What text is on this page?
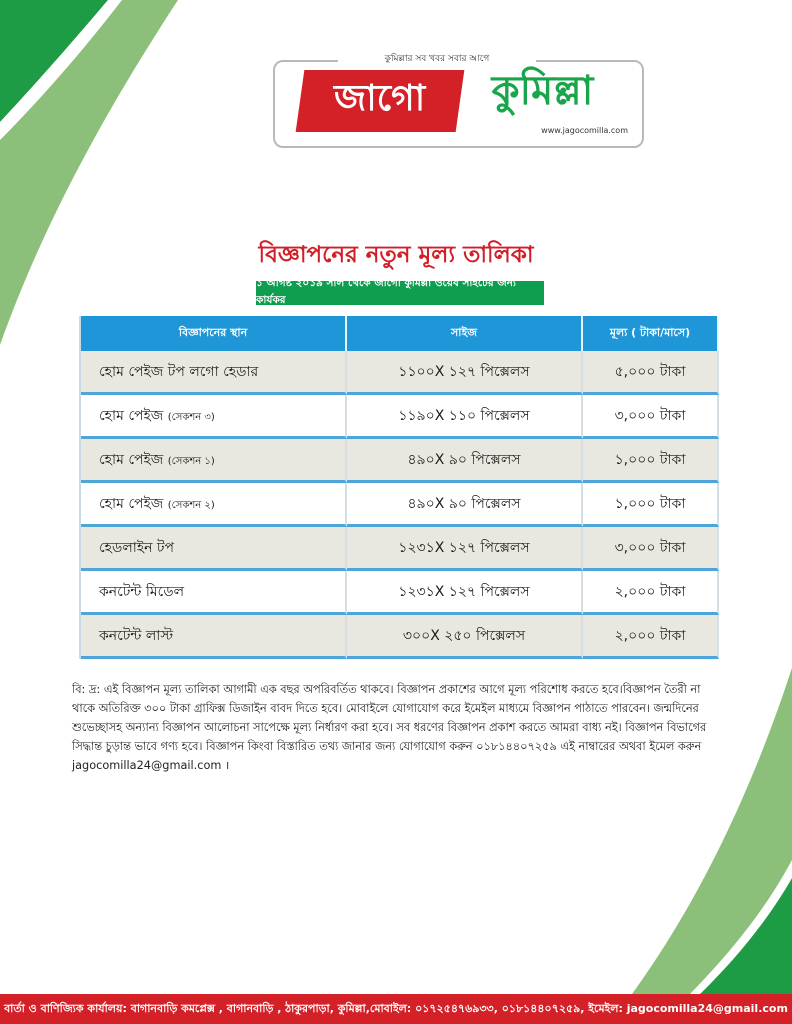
কুমিল্লার সব খবর সবার আগে
জাগো	কুমিল্লা
www.jagocomilla.com
বিজ্ঞাপনের নতুন মূল্য তালিকা
১ আগষ্ট ২০১৯ সাল থেকে জাগো কুমিল্লা ওয়েব সাইটের জন্য কার্যকর
বিজ্ঞাপনের স্থান	সাইজ	মূল্য ( টাকা/মাসে)
হোম পেইজ টপ লগো হেডার	১১০০X ১২৭ পিক্সেলস	৫,০০০ টাকা
হোম পেইজ (সেকশন ৩)	১১৯০X ১১০ পিক্সেলস	৩,০০০ টাকা
হোম পেইজ (সেকশন ১)	৪৯০X ৯০ পিক্সেলস	১,০০০ টাকা
হোম পেইজ (সেকশন ২)	৪৯০X ৯০ পিক্সেলস	১,০০০ টাকা
হেডলাইন টপ	১২৩১X ১২৭ পিক্সেলস	৩,০০০ টাকা
কনটেন্ট মিডেল	১২৩১X ১২৭ পিক্সেলস	২,০০০ টাকা
কনটেন্ট লাস্ট	৩০০X ২৫০ পিক্সেলস	২,০০০ টাকা
বি: দ্র: এই বিজ্ঞাপন মূল্য তালিকা আগামী এক বছর অপরিবর্তিত থাকবে। বিজ্ঞাপন প্রকাশের আগে মূল্য পরিশোধ করতে হবে।বিজ্ঞাপন তৈরী না থাকে অতিরিক্ত ৩০০ টাকা গ্রাফিক্স ডিজাইন বাবদ দিতে হবে। মোবাইলে যোগাযোগ করে ইমেইল মাধ্যমে বিজ্ঞাপন পাঠাতে পারবেন। জন্মদিনের শুভেচ্ছাসহ অন্যান্য বিজ্ঞাপন আলোচনা সাপেক্ষে মূল্য নির্ধারণ করা হবে। সব ধরণের বিজ্ঞাপন প্রকাশ করতে আমরা বাধ্য নই। বিজ্ঞাপন বিভাগের সিদ্ধান্ত চুড়ান্ত ভাবে গণ্য হবে। বিজ্ঞাপন কিংবা বিস্তারিত তথ্য জানার জন্য যোগাযোগ করুন ০১৮১৪৪০৭২৫৯ এই নাম্বারের অথবা ইমেল করুন jagocomilla24@gmail.com ।
বার্তা ও বাণিজ্যিক কার্যালয়: বাগানবাড়ি কমপ্লেক্স , বাগানবাড়ি , ঠাকুরপাড়া, কুমিল্লা,মোবাইল: ০১৭২৫৪৭৬৯৩৩, ০১৮১৪৪০৭২৫৯, ইমেইল: jagocomilla24@gmail.com
